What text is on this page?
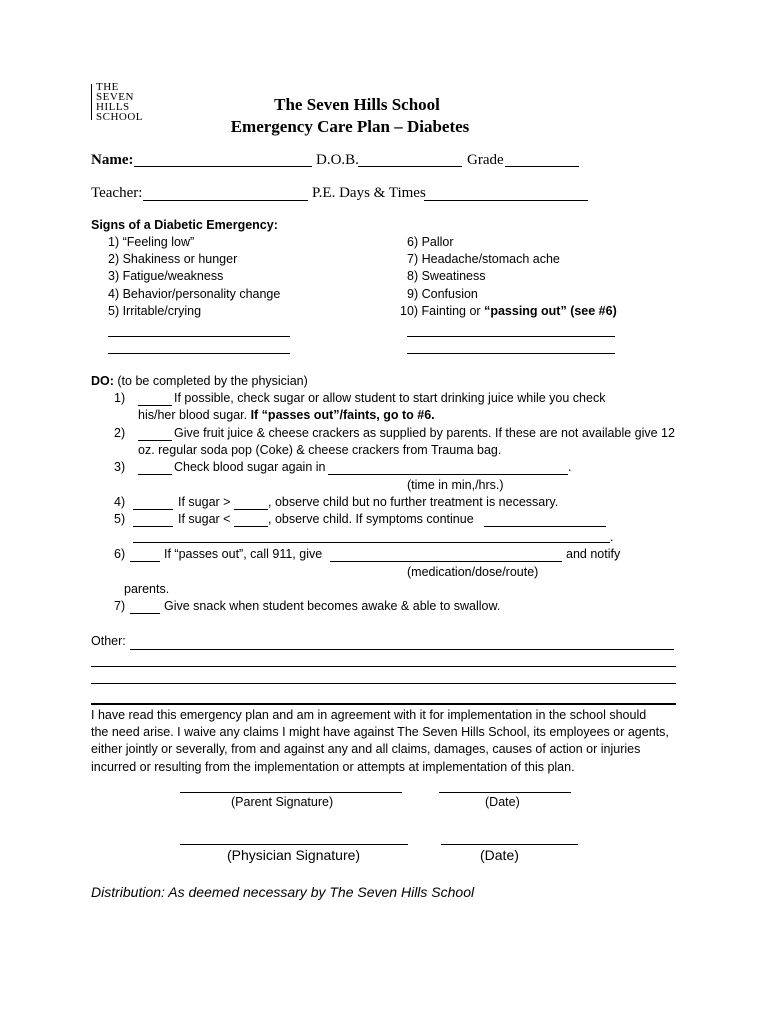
THE
SEVEN
HILLS
SCHOOL
The Seven Hills School
Emergency Care Plan – Diabetes
Name:	D.O.B.	Grade
Teacher:	P.E. Days & Times
Signs of a Diabetic Emergency:
1) “Feeling low”
2) Shakiness or hunger
3) Fatigue/weakness
4) Behavior/personality change
5) Irritable/crying
6) Pallor
7) Headache/stomach ache
8) Sweatiness
9) Confusion
10) Fainting or “passing out” (see #6)
DO: (to be completed by the physician)
1)	If possible, check sugar or allow student to start drinking juice while you check
his/her blood sugar. If “passes out”/faints, go to #6.
2)	Give fruit juice & cheese crackers as supplied by parents. If these are not available give 12
oz. regular soda pop (Coke) & cheese crackers from Trauma bag.
3)	Check blood sugar again in	.
(time in min,/hrs.)
4)	If sugar >	, observe child but no further treatment is necessary.
5)	If sugar <	, observe child. If symptoms continue
.
6)	If “passes out”, call 911, give	and notify
(medication/dose/route)
parents.
7)	Give snack when student becomes awake & able to swallow.
Other:
I have read this emergency plan and am in agreement with it for implementation in the school should
the need arise. I waive any claims I might have against The Seven Hills School, its employees or agents,
either jointly or severally, from and against any and all claims, damages, causes of action or injuries
incurred or resulting from the implementation or attempts at implementation of this plan.
(Parent Signature)	(Date)
(Physician Signature)	(Date)
Distribution: As deemed necessary by The Seven Hills School
